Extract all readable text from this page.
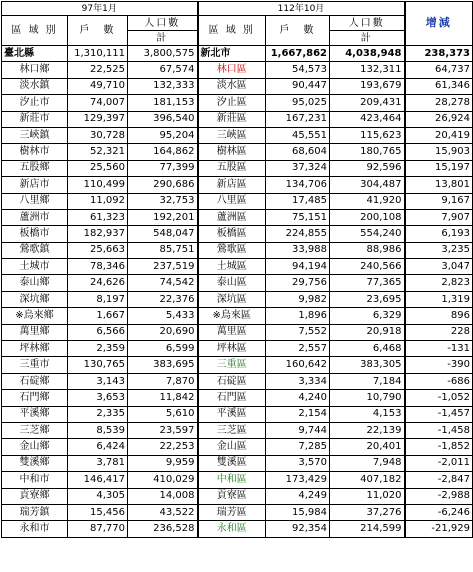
97年1月			112年10月			增減
區 域 別	戶　數	人口數	區 域 別	戶　數	人口數	
		計			計	
臺北縣	1,310,111	3,800,575	新北市	1,667,862	4,038,948	238,373
林口鄉	22,525	67,574	林口區	54,573	132,311	64,737
淡水鎮	49,710	132,333	淡水區	90,447	193,679	61,346
汐止市	74,007	181,153	汐止區	95,025	209,431	28,278
新莊市	129,397	396,540	新莊區	167,231	423,464	26,924
三峽鎮	30,728	95,204	三峽區	45,551	115,623	20,419
樹林市	52,321	164,862	樹林區	68,604	180,765	15,903
五股鄉	25,560	77,399	五股區	37,324	92,596	15,197
新店市	110,499	290,686	新店區	134,706	304,487	13,801
八里鄉	11,092	32,753	八里區	17,485	41,920	9,167
蘆洲市	61,323	192,201	蘆洲區	75,151	200,108	7,907
板橋市	182,937	548,047	板橋區	224,855	554,240	6,193
鶯歌鎮	25,663	85,751	鶯歌區	33,988	88,986	3,235
土城市	78,346	237,519	土城區	94,194	240,566	3,047
泰山鄉	24,626	74,542	泰山區	29,756	77,365	2,823
深坑鄉	8,197	22,376	深坑區	9,982	23,695	1,319
※烏來鄉	1,667	5,433	※烏來區	1,896	6,329	896
萬里鄉	6,566	20,690	萬里區	7,552	20,918	228
坪林鄉	2,359	6,599	坪林區	2,557	6,468	-131
三重市	130,765	383,695	三重區	160,642	383,305	-390
石碇鄉	3,143	7,870	石碇區	3,334	7,184	-686
石門鄉	3,653	11,842	石門區	4,240	10,790	-1,052
平溪鄉	2,335	5,610	平溪區	2,154	4,153	-1,457
三芝鄉	8,539	23,597	三芝區	9,744	22,139	-1,458
金山鄉	6,424	22,253	金山區	7,285	20,401	-1,852
雙溪鄉	3,781	9,959	雙溪區	3,570	7,948	-2,011
中和市	146,417	410,029	中和區	173,429	407,182	-2,847
貢寮鄉	4,305	14,008	貢寮區	4,249	11,020	-2,988
瑞芳鎮	15,456	43,522	瑞芳區	15,984	37,276	-6,246
永和市	87,770	236,528	永和區	92,354	214,599	-21,929
